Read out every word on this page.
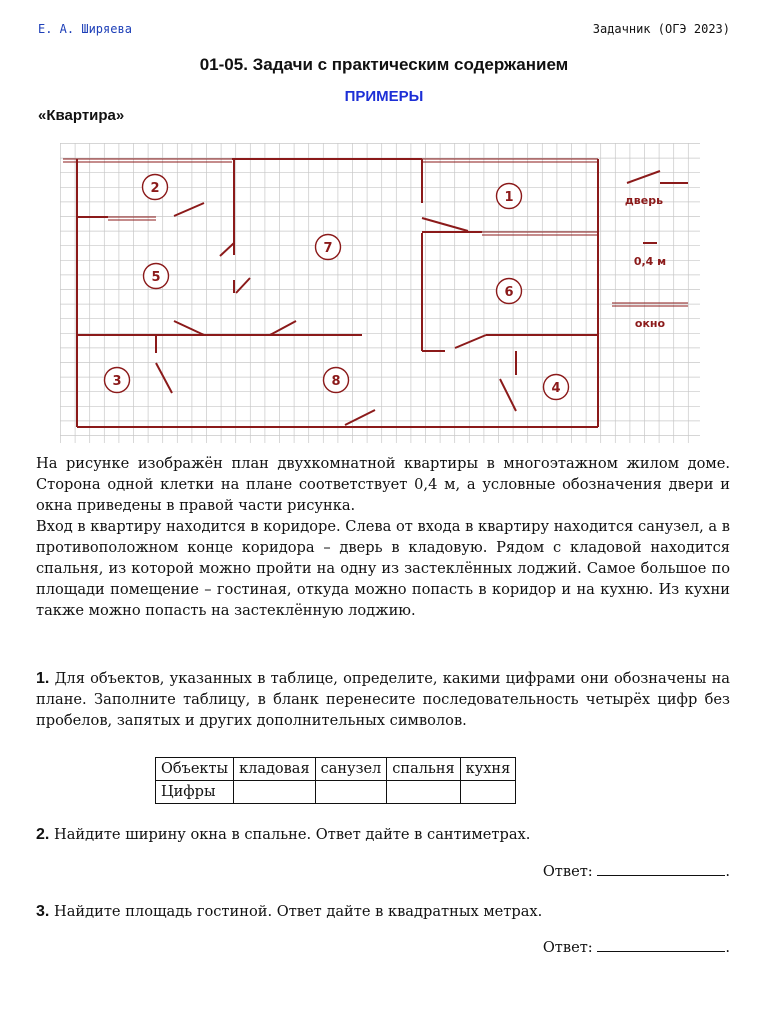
Е. А. Ширяева	Задачник (ОГЭ 2023)
01-05. Задачи с практическим содержанием
ПРИМЕРЫ
«Квартира»
1
2
3	4
5
6
7
8
дверь
0,4 м
окно

На рисунке изображён план двухкомнатной квартиры в многоэтажном жилом доме. Сторона одной клетки на плане соответствует 0,4 м, а условные обозначения двери и окна приведены в правой части рисунка.

Вход в квартиру находится в коридоре. Слева от входа в квартиру находится санузел, а в противоположном конце коридора – дверь в кладовую. Рядом с кладовой находится спальня, из которой можно пройти на одну из застеклённых лоджий. Самое большое по площади помещение – гостиная, откуда можно попасть в коридор и на кухню. Из кухни также можно попасть на застеклённую лоджию.

1. Для объектов, указанных в таблице, определите, какими цифрами они обозначены на плане. Заполните таблицу, в бланк перенесите последовательность четырёх цифр без пробелов, запятых и других дополнительных символов.

Объекты	кладовая	санузел	спальня	кухня
Цифры				
2. Найдите ширину окна в спальне. Ответ дайте в сантиметрах.
Ответ:	.
3. Найдите площадь гостиной. Ответ дайте в квадратных метрах.
Ответ:	.
